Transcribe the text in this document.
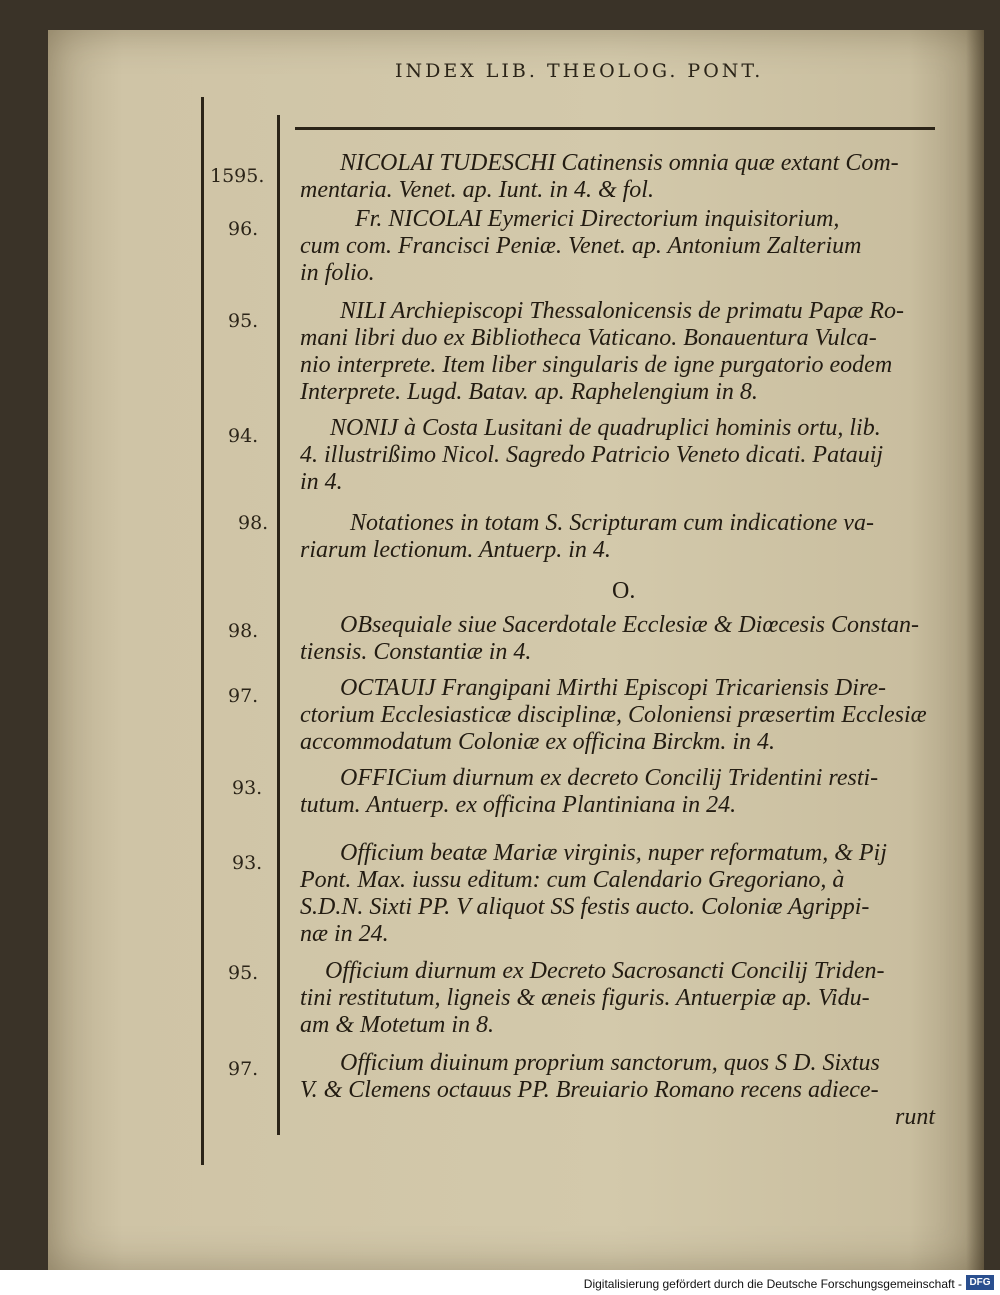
INDEX LIB. THEOLOG. PONT.
1595.	NICOLAI TUDESCHI Catinensis omnia quæ extant Com-
mentaria. Venet. ap. Iunt. in 4. & fol.
96.	Fr. NICOLAI Eymerici Directorium inquisitorium,
cum com. Francisci Peniæ. Venet. ap. Antonium Zalterium
in folio.
95.	NILI Archiepiscopi Thessalonicensis de primatu Papæ Ro-
mani libri duo ex Bibliotheca Vaticano. Bonauentura Vulca-
nio interprete. Item liber singularis de igne purgatorio eodem
Interprete. Lugd. Batav. ap. Raphelengium in 8.
94.	NONIJ à Costa Lusitani de quadruplici hominis ortu, lib.
4. illustrißimo Nicol. Sagredo Patricio Veneto dicati. Patauij
in 4.
98.	Notationes in totam S. Scripturam cum indicatione va-
riarum lectionum. Antuerp. in 4.
O.
98.	OBsequiale siue Sacerdotale Ecclesiæ & Diœcesis Constan-
tiensis. Constantiæ in 4.
97.	OCTAUIJ Frangipani Mirthi Episcopi Tricariensis Dire-
ctorium Ecclesiasticæ disciplinæ, Coloniensi præsertim Ecclesiæ
accommodatum Coloniæ ex officina Birckm. in 4.
93.	OFFICium diurnum ex decreto Concilij Tridentini resti-
tutum. Antuerp. ex officina Plantiniana in 24.
93.	Officium beatæ Mariæ virginis, nuper reformatum, & Pij
Pont. Max. iussu editum: cum Calendario Gregoriano, à
S.D.N. Sixti PP. V aliquot SS festis aucto. Coloniæ Agrippi-
næ in 24.
95.	Officium diurnum ex Decreto Sacrosancti Concilij Triden-
tini restitutum, ligneis & æneis figuris. Antuerpiæ ap. Vidu-
am & Motetum in 8.
97.	Officium diuinum proprium sanctorum, quos S D. Sixtus
V. & Clemens octauus PP. Breuiario Romano recens adiece-
runt
Digitalisierung gefördert durch die Deutsche Forschungsgemeinschaft - DFG
